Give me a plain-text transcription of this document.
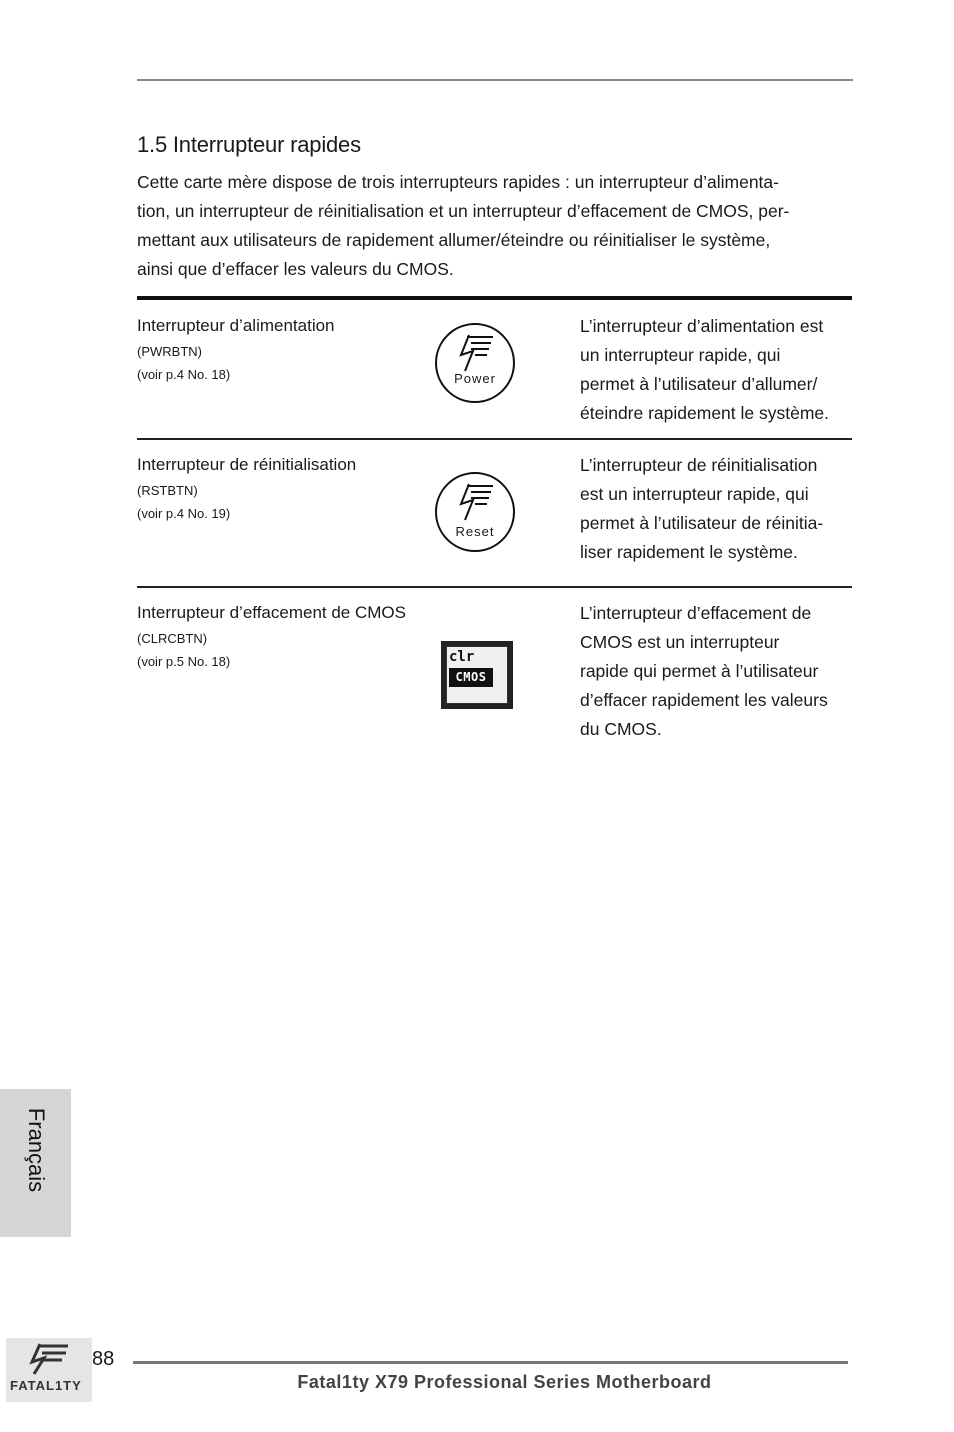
1.5 Interrupteur rapides

Cette carte mère dispose de trois interrupteurs rapides : un interrupteur d’alimenta-
tion, un interrupteur de réinitialisation et un interrupteur d’effacement de CMOS, per-
mettant aux utilisateurs de rapidement allumer/éteindre ou réinitialiser le système,
ainsi que d’effacer les valeurs du CMOS.

Interrupteur d’alimentation
(PWRBTN)
(voir p.4 No. 18)	Power
L’interrupteur d’alimentation est
un interrupteur rapide, qui
permet à l’utilisateur d’allumer/
éteindre rapidement le système.
Interrupteur de réinitialisation
(RSTBTN)
(voir p.4 No. 19)
Reset
L’interrupteur de réinitialisation
est un interrupteur rapide, qui
permet à l’utilisateur de réinitia-
liser rapidement le système.
Interrupteur d’effacement de CMOS
(CLRCBTN)
(voir p.5 No. 18)	clr
CMOS
L’interrupteur d’effacement de
CMOS est un interrupteur
rapide qui permet à l’utilisateur
d’effacer rapidement les valeurs
du CMOS.
Français
FATAL1TY
88
Fatal1ty X79 Professional Series Motherboard
